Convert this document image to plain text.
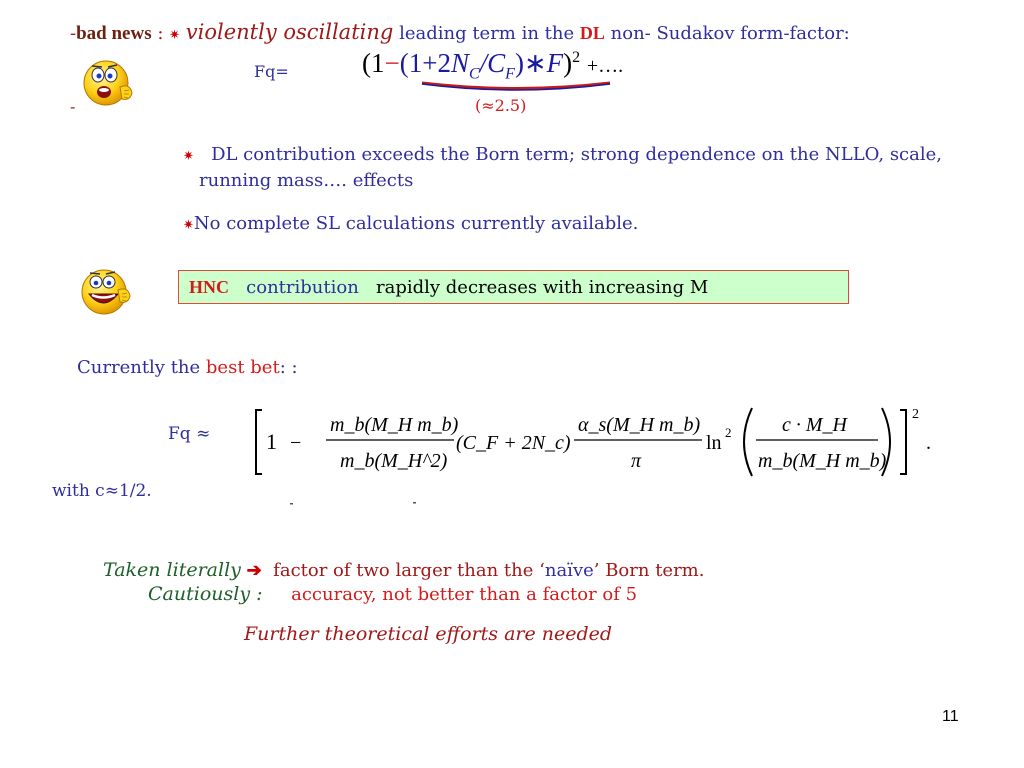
-bad news : ✷ violently oscillating leading term in the DL non- Sudakov form-factor:
Fq=	$(1-(1+2N_C/C_F)∗F)^2$ +….
-	(≈2.5)
✷ DL contribution exceeds the Born term; strong dependence on the NLLO, scale,
running mass…. effects
✷No complete SL calculations currently available.
HNC contribution rapidly decreases with increasing M
Currently the best bet: :
Fq ≈	1 −
m_b(M_H m_b)
m_b(M_H^2)
(C_F + 2N_c)
α_s(M_H m_b)
π
ln 2	c · M_H
m_b(M_H m_b)
2
.
with c≈1/2.
Taken literally ➔ factor of two larger than the ‘naïve’ Born term.
Cautiously : accuracy, not better than a factor of 5
Further theoretical efforts are needed
11
